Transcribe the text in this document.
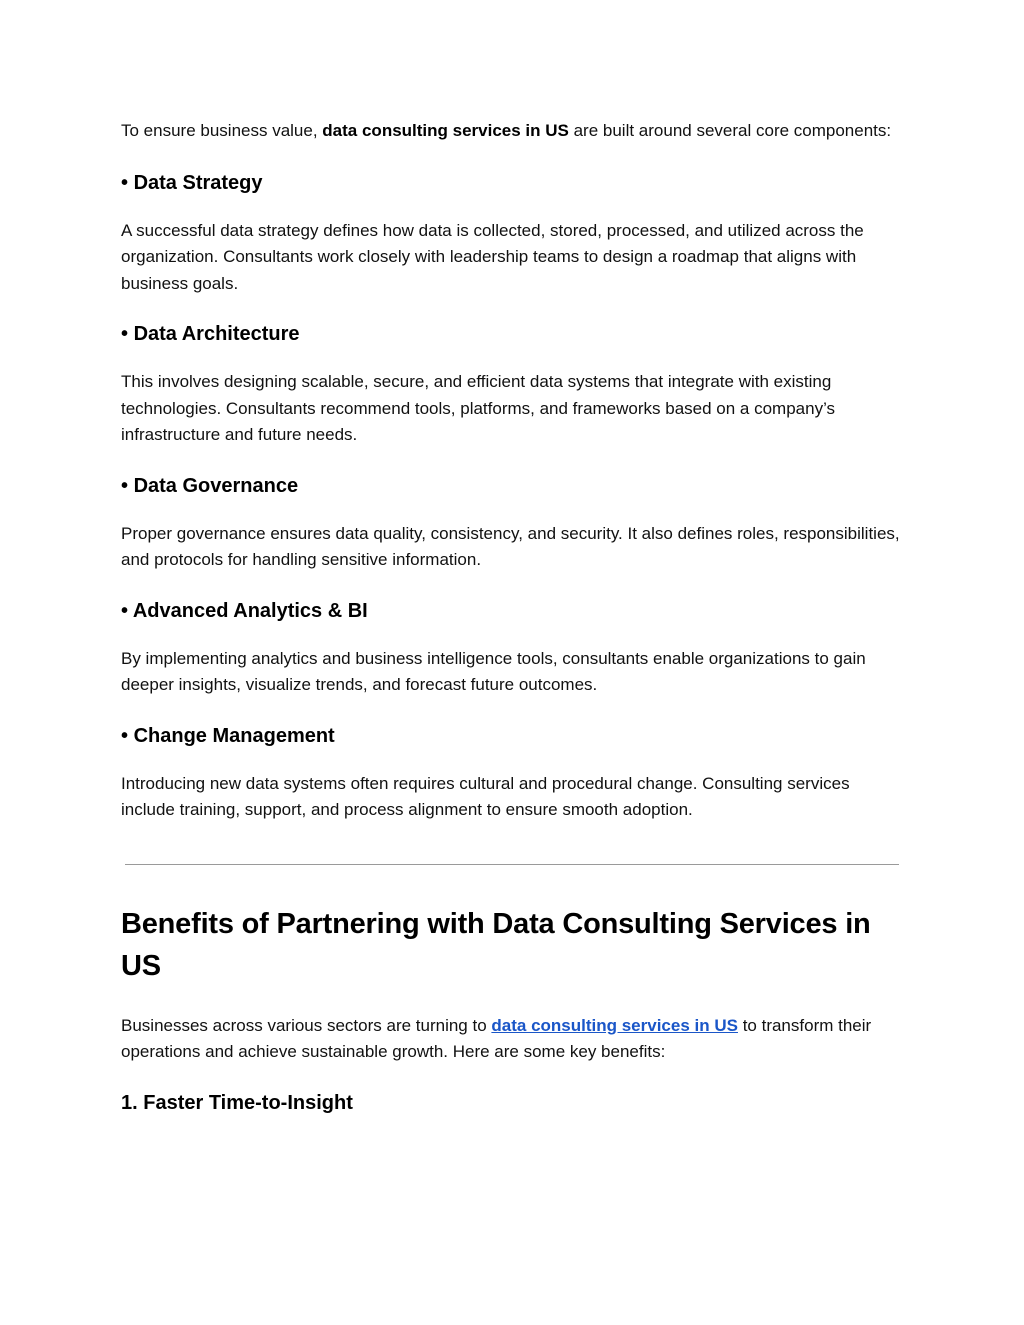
To ensure business value, data consulting services in US are built around several core components:

• Data Strategy

A successful data strategy defines how data is collected, stored, processed, and utilized across the organization. Consultants work closely with leadership teams to design a roadmap that aligns with business goals.

• Data Architecture

This involves designing scalable, secure, and efficient data systems that integrate with existing technologies. Consultants recommend tools, platforms, and frameworks based on a company’s infrastructure and future needs.

• Data Governance

Proper governance ensures data quality, consistency, and security. It also defines roles, responsibilities, and protocols for handling sensitive information.

• Advanced Analytics & BI

By implementing analytics and business intelligence tools, consultants enable organizations to gain deeper insights, visualize trends, and forecast future outcomes.

• Change Management

Introducing new data systems often requires cultural and procedural change. Consulting services include training, support, and process alignment to ensure smooth adoption.

Benefits of Partnering with Data Consulting Services in US

Businesses across various sectors are turning to data consulting services in US to transform their operations and achieve sustainable growth. Here are some key benefits:

1. Faster Time-to-Insight
